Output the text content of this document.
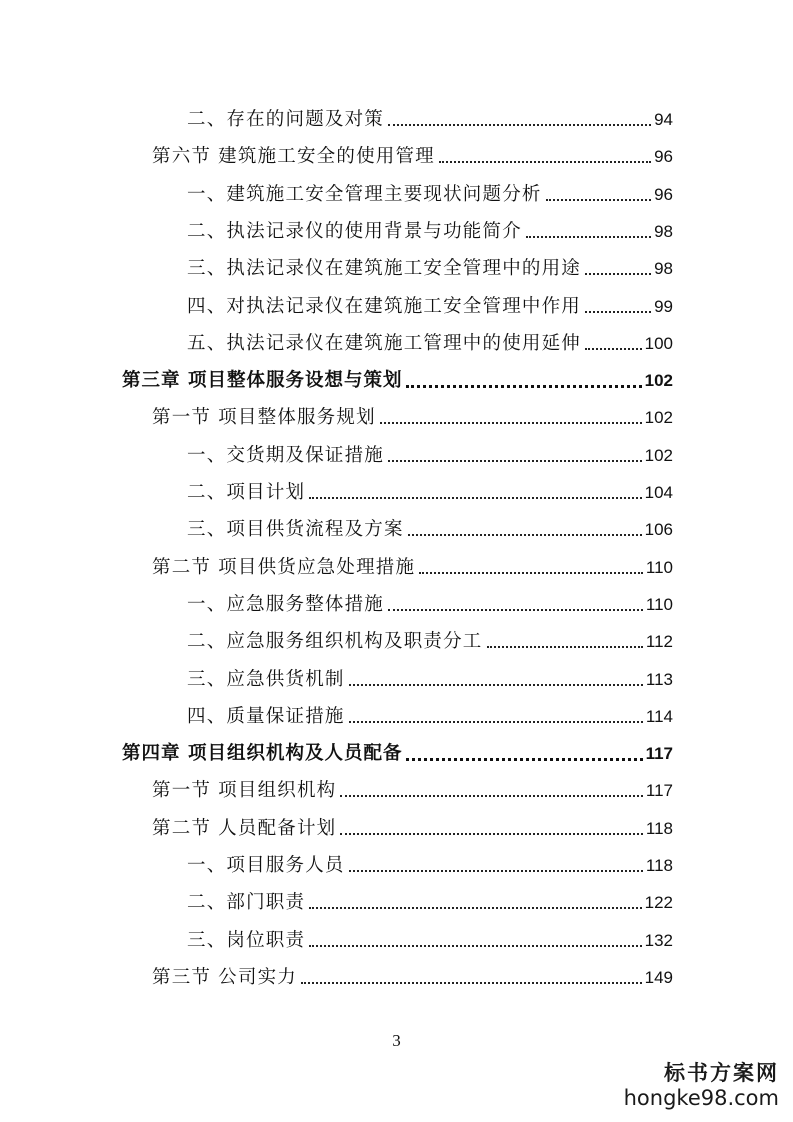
二、存在的问题及对策	94
第六节 建筑施工安全的使用管理	96
一、建筑施工安全管理主要现状问题分析	96
二、执法记录仪的使用背景与功能简介	98
三、执法记录仪在建筑施工安全管理中的用途	98
四、对执法记录仪在建筑施工安全管理中作用	99
五、执法记录仪在建筑施工管理中的使用延伸	100
第三章 项目整体服务设想与策划	102
第一节 项目整体服务规划	102
一、交货期及保证措施	102
二、项目计划	104
三、项目供货流程及方案	106
第二节 项目供货应急处理措施	110
一、应急服务整体措施	110
二、应急服务组织机构及职责分工	112
三、应急供货机制	113
四、质量保证措施	114
第四章 项目组织机构及人员配备	117
第一节 项目组织机构	117
第二节 人员配备计划	118
一、项目服务人员	118
二、部门职责	122
三、岗位职责	132
第三节 公司实力	149
3
标书方案网
hongke98.com
